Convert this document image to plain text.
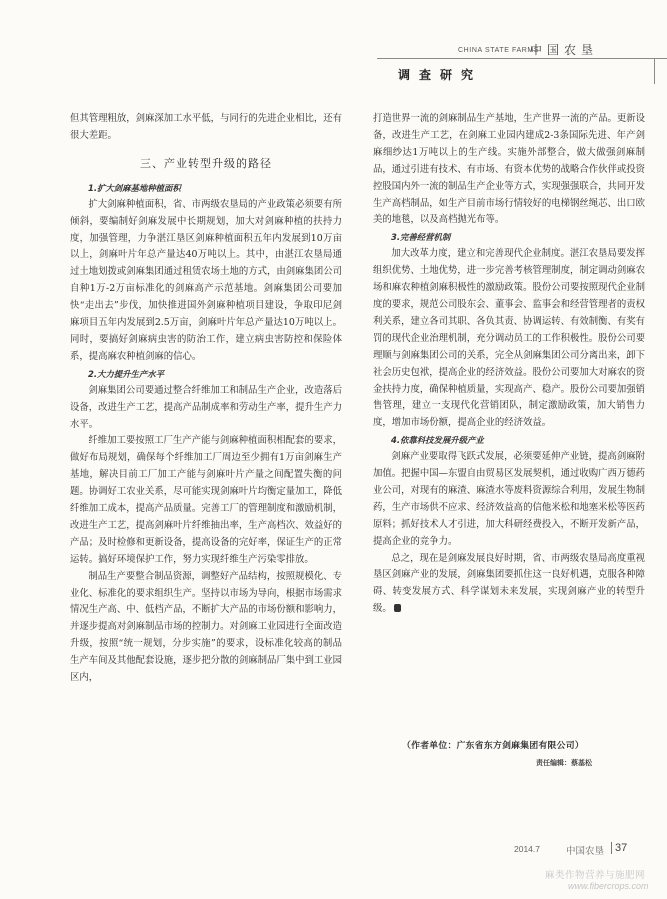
CHINA STATE FARMS
中国农垦
调查研究

但其管理粗放，剑麻深加工水平低，与同行的先进企业相比，还有很大差距。

三、产业转型升级的路径
1.扩大剑麻基地种植面积

扩大剑麻种植面积，省、市两级农垦局的产业政策必须要有所倾斜，要编制好剑麻发展中长期规划，加大对剑麻种植的扶持力度，加强管理，力争湛江垦区剑麻种植面积五年内发展到10万亩以上，剑麻叶片年总产量达40万吨以上。其中，由湛江农垦局通过土地划拨或剑麻集团通过租赁农场土地的方式，由剑麻集团公司自种1万-2万亩标准化的剑麻高产示范基地。剑麻集团公司要加快“走出去”步伐，加快推进国外剑麻种植项目建设，争取印尼剑麻项目五年内发展到2.5万亩，剑麻叶片年总产量达10万吨以上。同时，要搞好剑麻病虫害的防治工作，建立病虫害防控和保险体系，提高麻农种植剑麻的信心。

2.大力提升生产水平

剑麻集团公司要通过整合纤维加工和制品生产企业，改造落后设备，改进生产工艺，提高产品制成率和劳动生产率，提升生产力水平。

纤维加工要按照工厂生产产能与剑麻种植面积相配套的要求，做好布局规划，确保每个纤维加工厂周边至少拥有1万亩剑麻生产基地，解决目前工厂加工产能与剑麻叶片产量之间配置失衡的问题。协调好工农业关系，尽可能实现剑麻叶片均衡定量加工，降低纤维加工成本，提高产品质量。完善工厂的管理制度和激励机制，改进生产工艺，提高剑麻叶片纤维抽出率，生产高档次、效益好的产品；及时检修和更新设备，提高设备的完好率，保证生产的正常运转。搞好环境保护工作，努力实现纤维生产污染零排放。

制品生产要整合制品资源，调整好产品结构，按照规模化、专业化、标准化的要求组织生产。坚持以市场为导向，根据市场需求情况生产高、中、低档产品，不断扩大产品的市场份额和影响力，并逐步提高对剑麻制品市场的控制力。对剑麻工业园进行全面改造升级，按照“统一规划，分步实施”的要求，设标准化较高的制品生产车间及其他配套设施，逐步把分散的剑麻制品厂集中到工业园区内，

打造世界一流的剑麻制品生产基地，生产世界一流的产品。更新设备，改进生产工艺，在剑麻工业园内建成2-3条国际先进、年产剑麻细纱达1万吨以上的生产线。实施外部整合，做大做强剑麻制品，通过引进有技术、有市场、有资本优势的战略合作伙伴或投资控股国内外一流的制品生产企业等方式，实现强强联合，共同开发生产高档制品，如生产目前市场行情较好的电梯钢丝绳芯、出口欧美的地毯，以及高档抛光布等。

3.完善经营机制

加大改革力度，建立和完善现代企业制度。湛江农垦局要发挥组织优势、土地优势，进一步完善考核管理制度，制定调动剑麻农场和麻农种植剑麻积极性的激励政策。股份公司要按照现代企业制度的要求，规范公司股东会、董事会、监事会和经营管理者的责权利关系，建立各司其职、各负其责、协调运转、有效制衡、有奖有罚的现代企业治理机制，充分调动员工的工作积极性。股份公司要理顺与剑麻集团公司的关系，完全从剑麻集团公司分离出来，卸下社会历史包袱，提高企业的经济效益。股份公司要加大对麻农的资金扶持力度，确保种植质量，实现高产、稳产。股份公司要加强销售管理，建立一支现代化营销团队，制定激励政策，加大销售力度，增加市场份额，提高企业的经济效益。

4.依靠科技发展升级产业

剑麻产业要取得飞跃式发展，必须要延伸产业链，提高剑麻附加值。把握中国—东盟自由贸易区发展契机，通过收购广西万德药业公司，对现有的麻渣、麻渣水等废料资源综合利用，发展生物制药，生产市场供不应求、经济效益高的信他米松和地塞米松等医药原料；抓好技术人才引进，加大科研经费投入，不断开发新产品，提高企业的竞争力。

总之，现在是剑麻发展良好时期，省、市两级农垦局高度重视垦区剑麻产业的发展，剑麻集团要抓住这一良好机遇，克服各种障碍、转变发展方式、科学谋划未来发展，实现剑麻产业的转型升级。

（作者单位：广东省东方剑麻集团有限公司）
责任编辑：蔡基松
2014.7	中国农垦 37
麻类作物营养与施肥网
www.fibercrops.com
